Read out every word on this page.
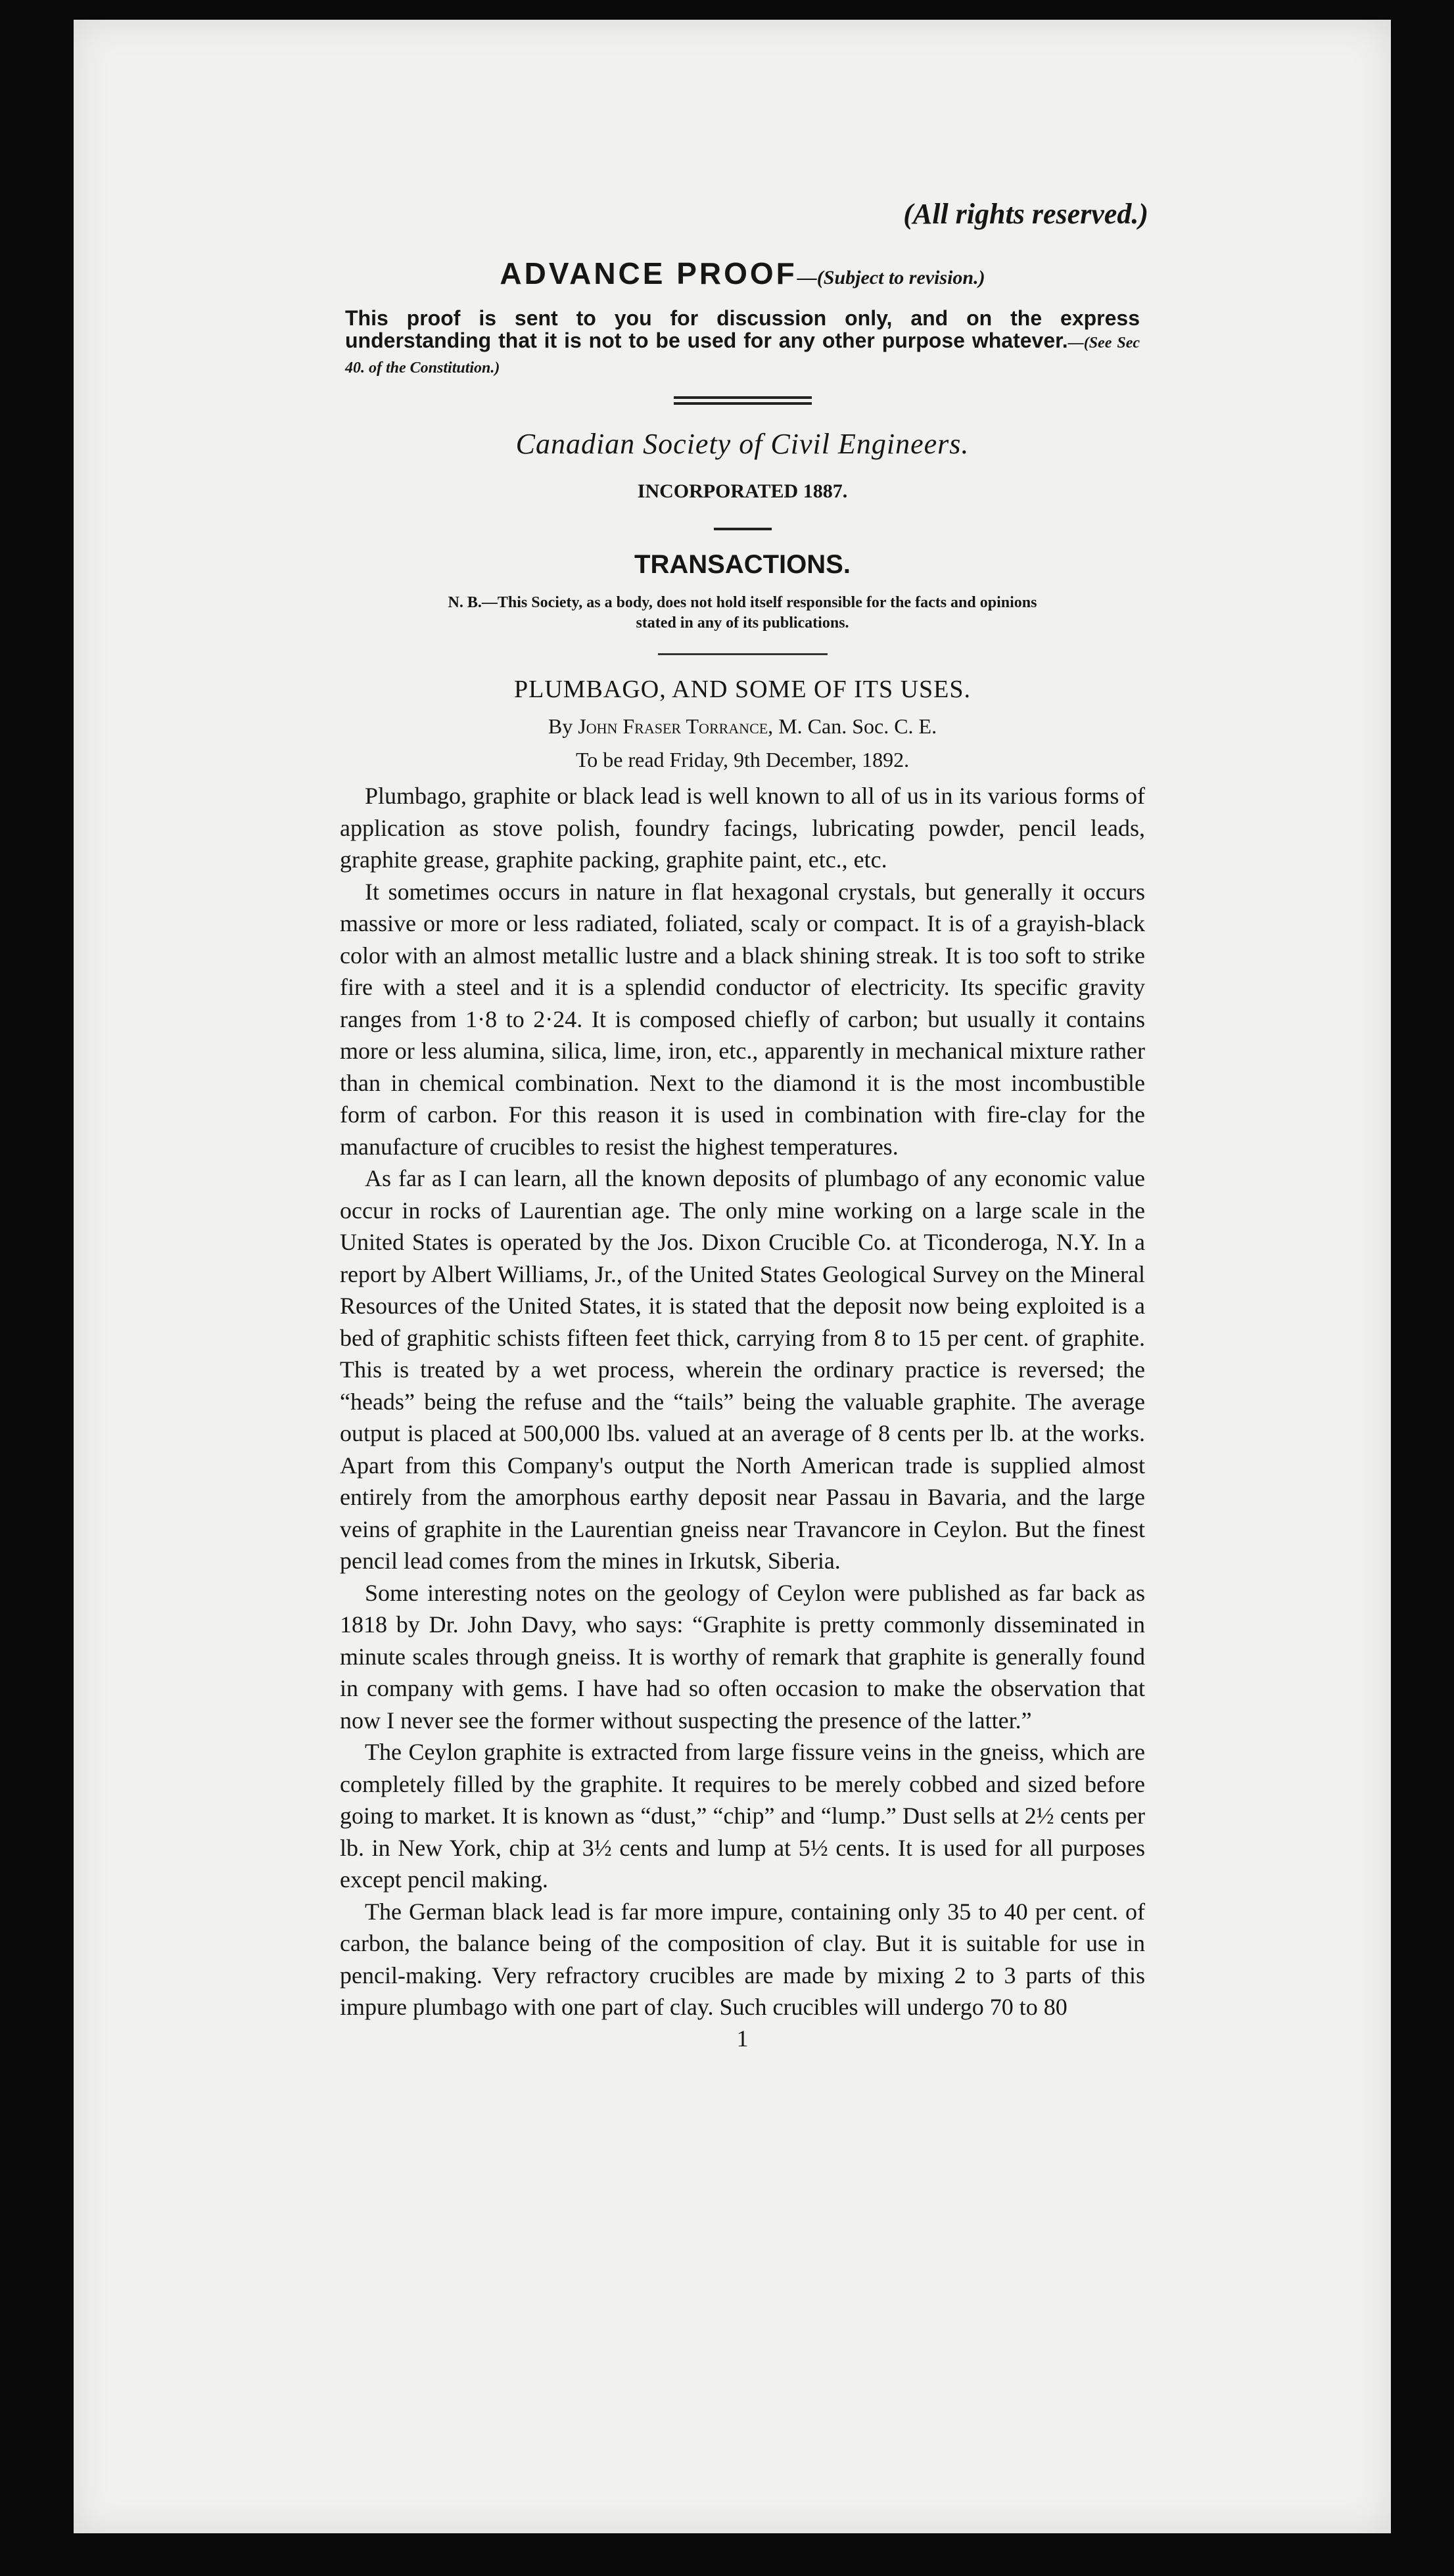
(All rights reserved.)
ADVANCE PROOF—(Subject to revision.)
This proof is sent to you for discussion only, and on the express understanding that it is not to be used for any other purpose whatever.—(See Sec 40. of the Constitution.)
Canadian Society of Civil Engineers.
INCORPORATED 1887.
TRANSACTIONS.
N. B.—This Society, as a body, does not hold itself responsible for the facts and opinions
stated in any of its publications.
PLUMBAGO, AND SOME OF ITS USES.
By John Fraser Torrance, M. Can. Soc. C. E.
To be read Friday, 9th December, 1892.

Plumbago, graphite or black lead is well known to all of us in its various forms of application as stove polish, foundry facings, lubricating powder, pencil leads, graphite grease, graphite packing, graphite paint, etc., etc.

It sometimes occurs in nature in flat hexagonal crystals, but generally it occurs massive or more or less radiated, foliated, scaly or compact. It is of a grayish-black color with an almost metallic lustre and a black shining streak. It is too soft to strike fire with a steel and it is a splendid conductor of electricity. Its specific gravity ranges from 1·8 to 2·24. It is composed chiefly of carbon; but usually it contains more or less alumina, silica, lime, iron, etc., apparently in mechanical mixture rather than in chemical combination. Next to the diamond it is the most incombustible form of carbon. For this reason it is used in combination with fire-clay for the manufacture of crucibles to resist the highest temperatures.

As far as I can learn, all the known deposits of plumbago of any economic value occur in rocks of Laurentian age. The only mine working on a large scale in the United States is operated by the Jos. Dixon Crucible Co. at Ticonderoga, N.Y. In a report by Albert Williams, Jr., of the United States Geological Survey on the Mineral Resources of the United States, it is stated that the deposit now being exploited is a bed of graphitic schists fifteen feet thick, carrying from 8 to 15 per cent. of graphite. This is treated by a wet process, wherein the ordinary practice is reversed; the “heads” being the refuse and the “tails” being the valuable graphite. The average output is placed at 500,000 lbs. valued at an average of 8 cents per lb. at the works. Apart from this Company's output the North American trade is supplied almost entirely from the amorphous earthy deposit near Passau in Bavaria, and the large veins of graphite in the Laurentian gneiss near Travancore in Ceylon. But the finest pencil lead comes from the mines in Irkutsk, Siberia.

Some interesting notes on the geology of Ceylon were published as far back as 1818 by Dr. John Davy, who says: “Graphite is pretty commonly disseminated in minute scales through gneiss. It is worthy of remark that graphite is generally found in company with gems. I have had so often occasion to make the observation that now I never see the former without suspecting the presence of the latter.”

The Ceylon graphite is extracted from large fissure veins in the gneiss, which are completely filled by the graphite. It requires to be merely cobbed and sized before going to market. It is known as “dust,” “chip” and “lump.” Dust sells at 2½ cents per lb. in New York, chip at 3½ cents and lump at 5½ cents. It is used for all purposes except pencil making.

The German black lead is far more impure, containing only 35 to 40 per cent. of carbon, the balance being of the composition of clay. But it is suitable for use in pencil-making. Very refractory crucibles are made by mixing 2 to 3 parts of this impure plumbago with one part of clay. Such crucibles will undergo 70 to 80

1
